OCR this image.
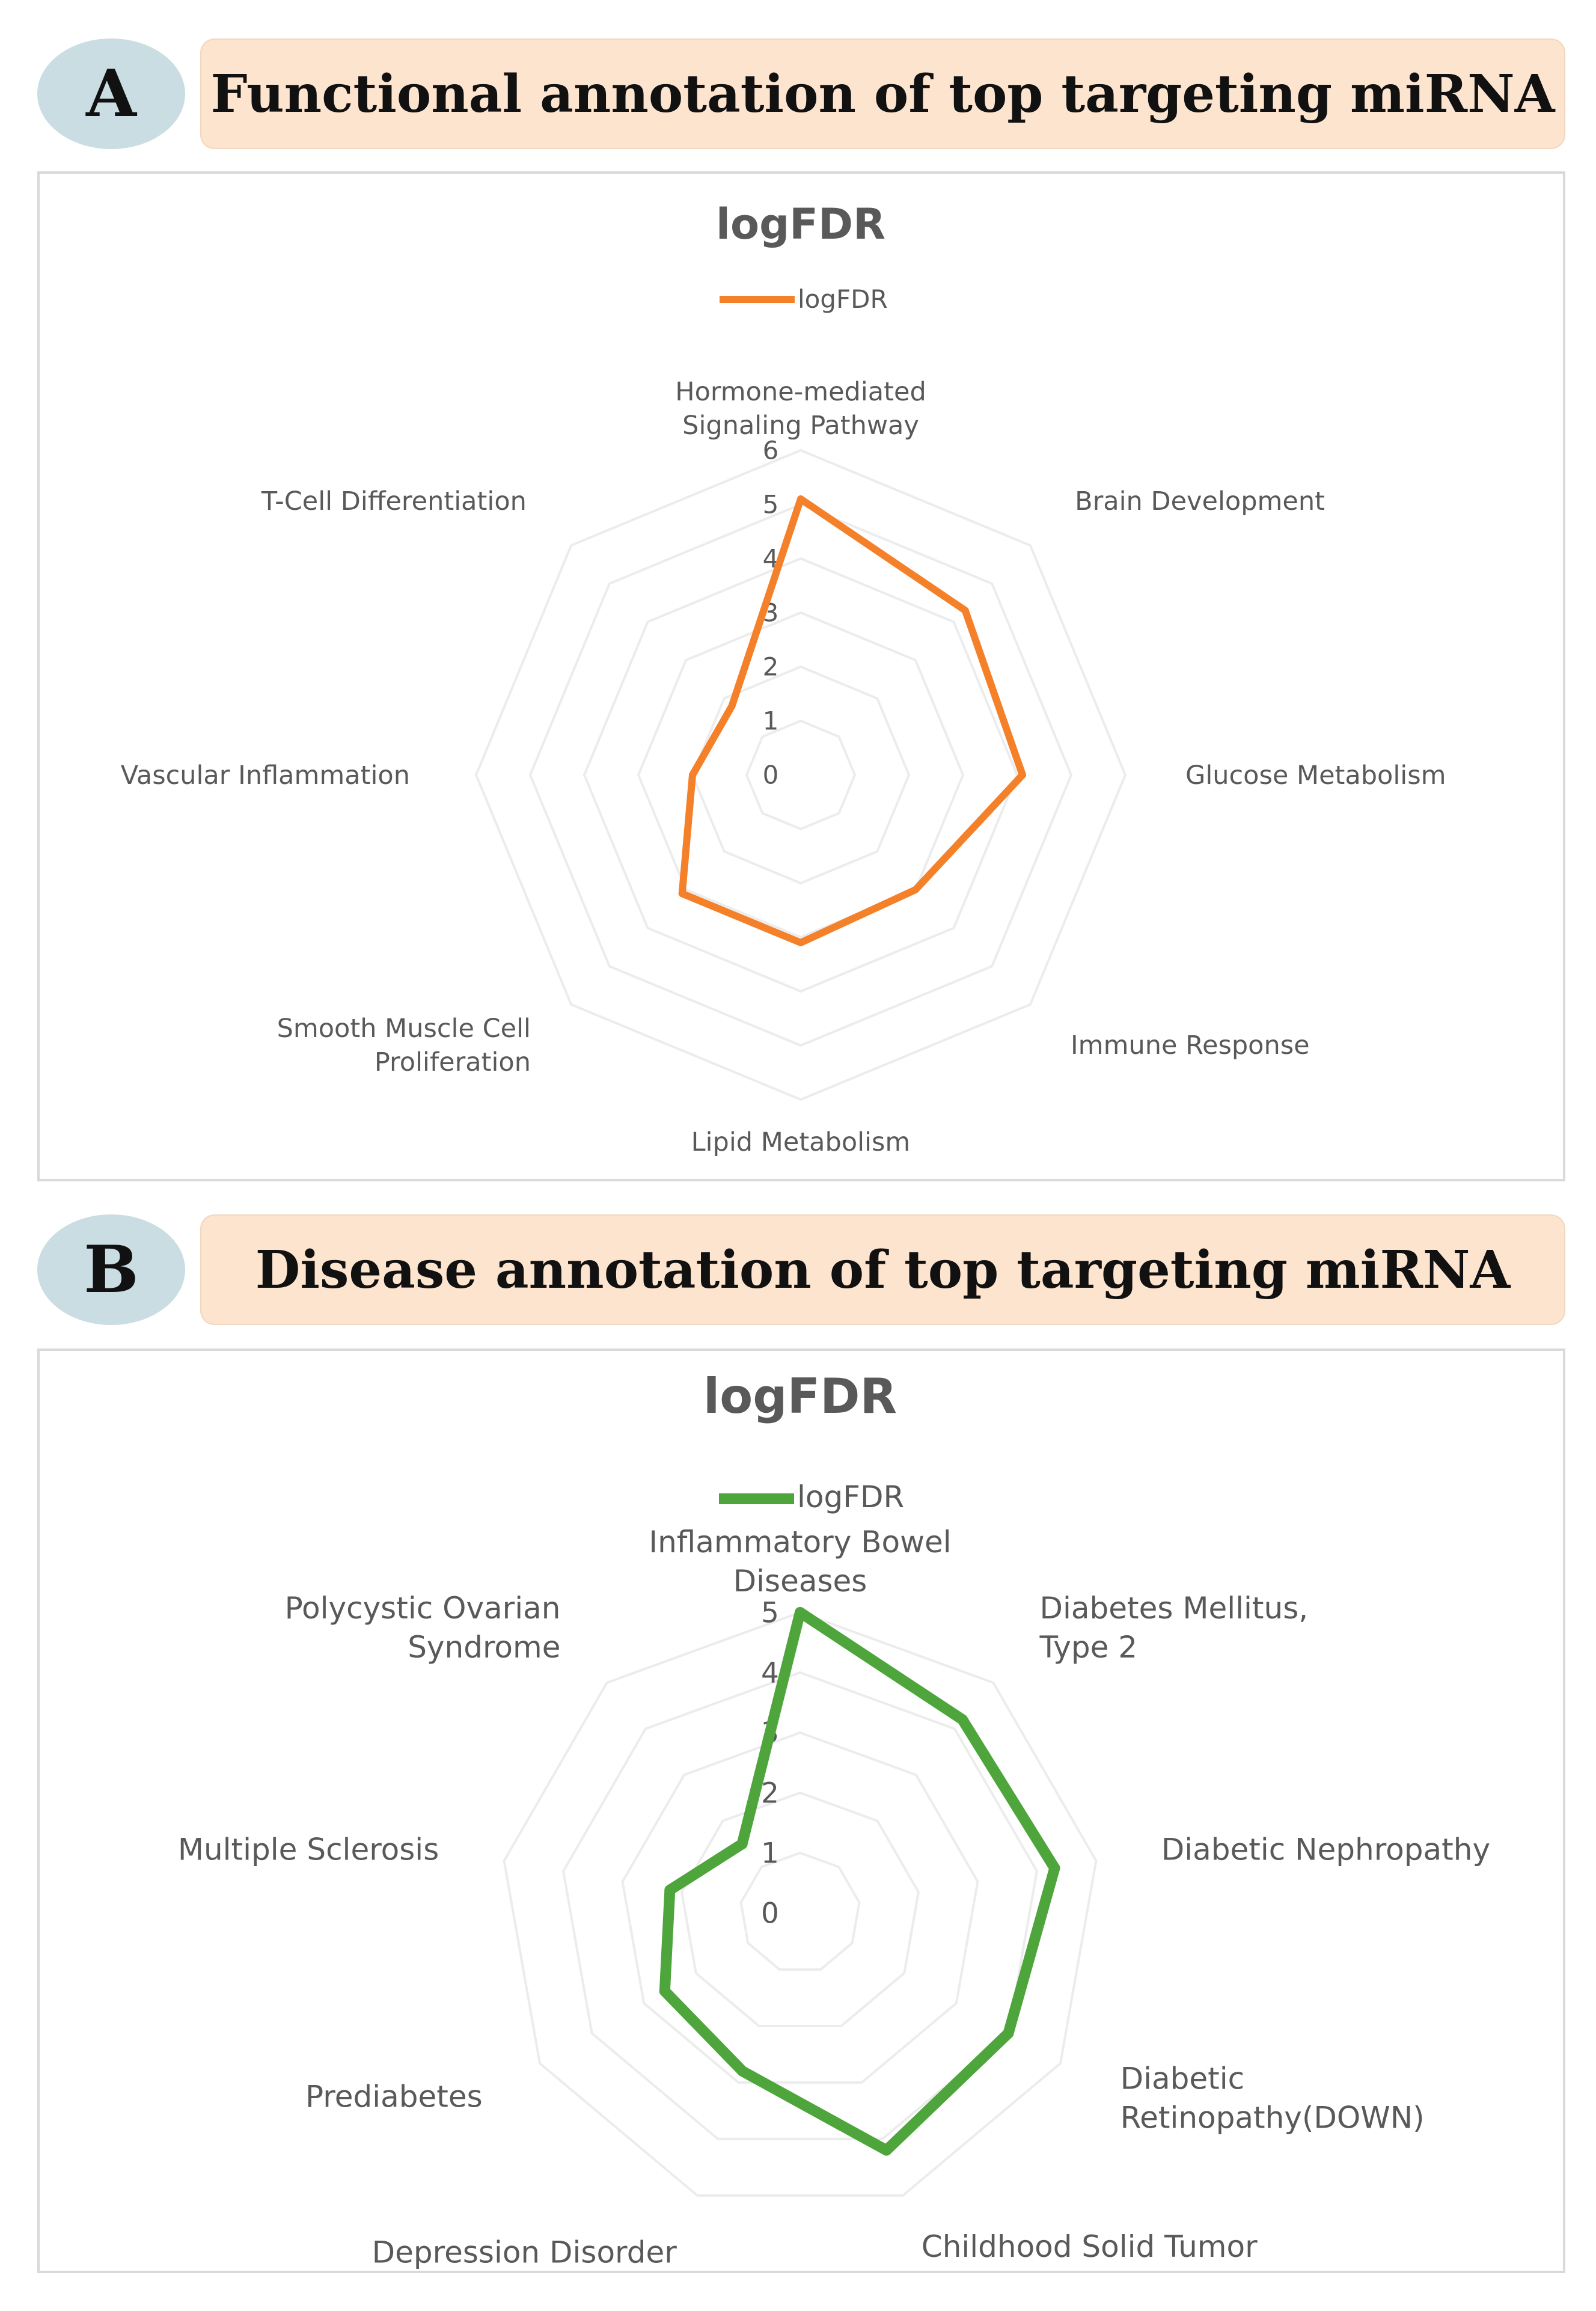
A	Functional annotation of top targeting miRNA
logFDR
logFDR
0
1
2
3
4
5
6
Hormone-mediated Signaling Pathway
Brain Development
Glucose Metabolism
Immune Response
Lipid Metabolism
Smooth Muscle Cell Proliferation
Vascular Inflammation
T-Cell Differentiation
B	Disease annotation of top targeting miRNA
logFDR
logFDR
0
1
2
3
4
5
Inflammatory Bowel Diseases
Diabetes Mellitus, Type 2
Diabetic Nephropathy
Diabetic Retinopathy(DOWN)
Childhood Solid Tumor
Depression Disorder
Prediabetes
Multiple Sclerosis
Polycystic Ovarian Syndrome
